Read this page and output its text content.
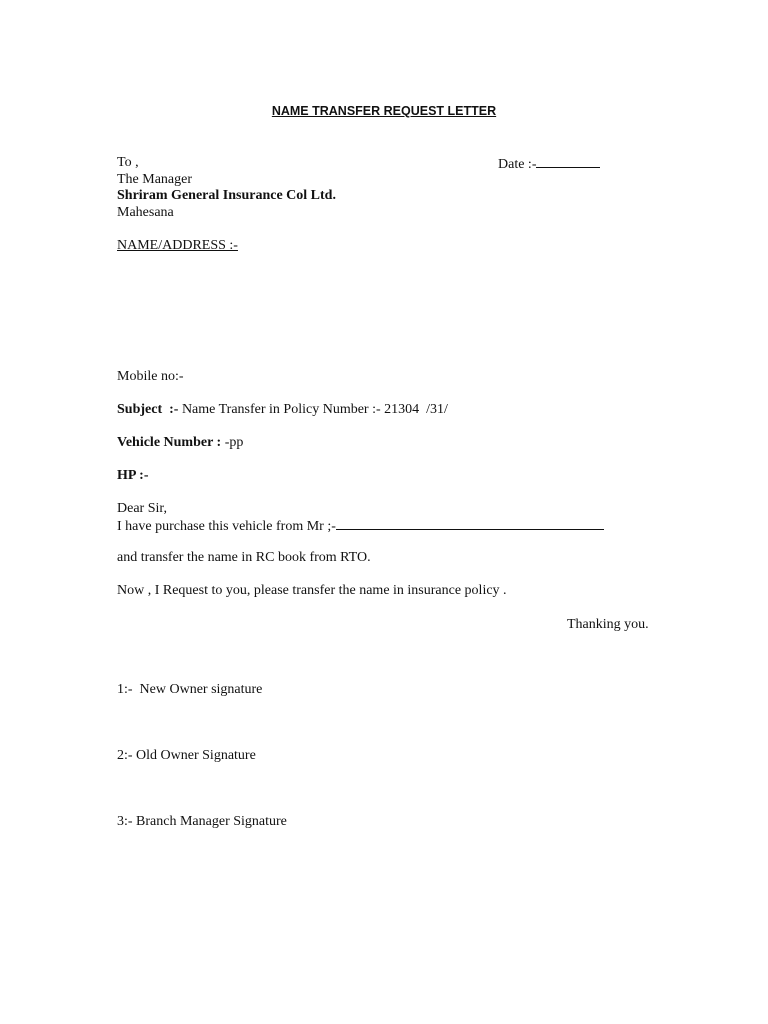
NAME TRANSFER REQUEST LETTER
To ,	Date :-
The Manager
Shriram General Insurance Col Ltd.
Mahesana
NAME/ADDRESS :-
Mobile no:-
Subject  :- Name Transfer in Policy Number :- 21304  /31/
Vehicle Number : -pp
HP :-
Dear Sir,
I have purchase this vehicle from Mr ;-
and transfer the name in RC book from RTO.
Now , I Request to you, please transfer the name in insurance policy .
Thanking you.
1:-  New Owner signature
2:- Old Owner Signature
3:- Branch Manager Signature
